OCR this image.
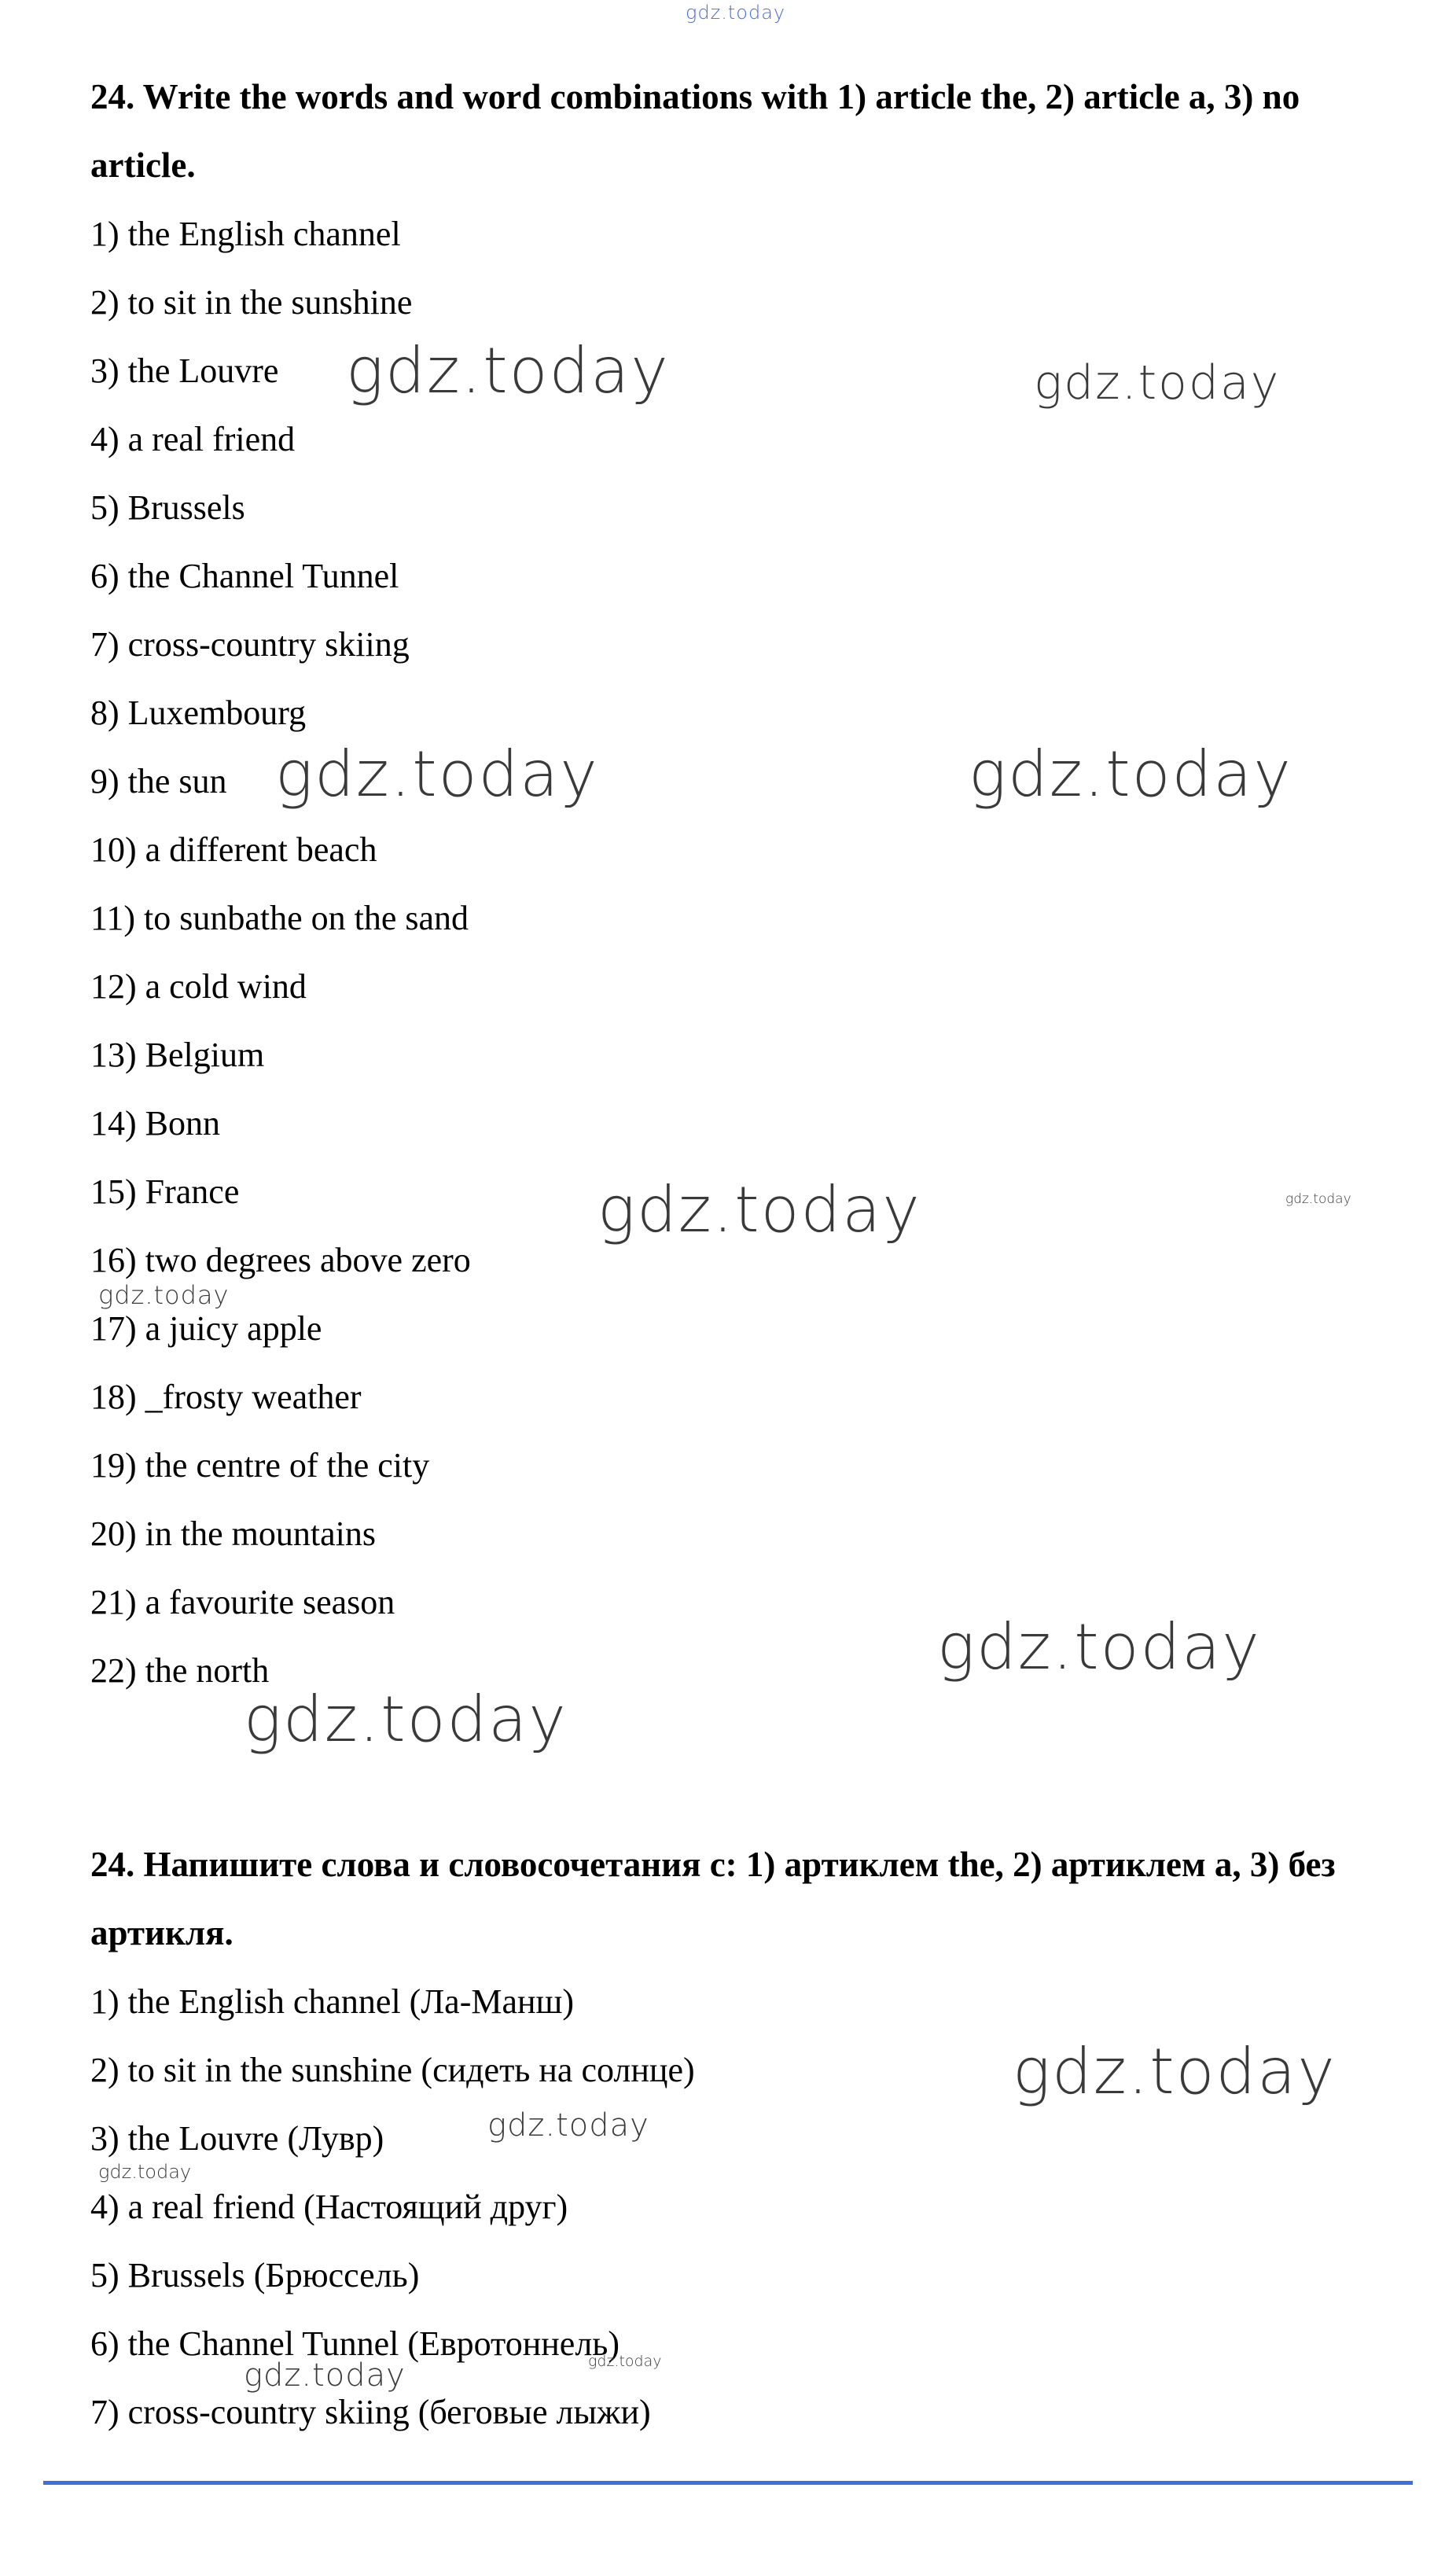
24. Write the words and word combinations with 1) article the, 2) article a, 3) no article.
1) the English channel
2) to sit in the sunshine
3) the Louvre
4) a real friend
5) Brussels
6) the Channel Tunnel
7) cross-country skiing
8) Luxembourg
9) the sun
10) a different beach
11) to sunbathe on the sand
12) a cold wind
13) Belgium
14) Bonn
15) France
16) two degrees above zero
17) a juicy apple
18) _frosty weather
19) the centre of the city
20) in the mountains
21) a favourite season
22) the north
24. Напишите слова и словосочетания с: 1) артиклем the, 2) артиклем а, 3) без артикля.
1) the English channel (Ла-Манш)
2) to sit in the sunshine (сидеть на солнце)
3) the Louvre (Лувр)
4) a real friend (Настоящий друг)
5) Brussels (Брюссель)
6) the Channel Tunnel (Евротоннель)
7) cross-country skiing (беговые лыжи)
gdz.today
gdz.today	gdz.today
gdz.today	gdz.today
gdz.today	gdz.today
gdz.today
gdz.today
gdz.today
gdz.today
gdz.today
gdz.today
gdz.today	gdz.today
